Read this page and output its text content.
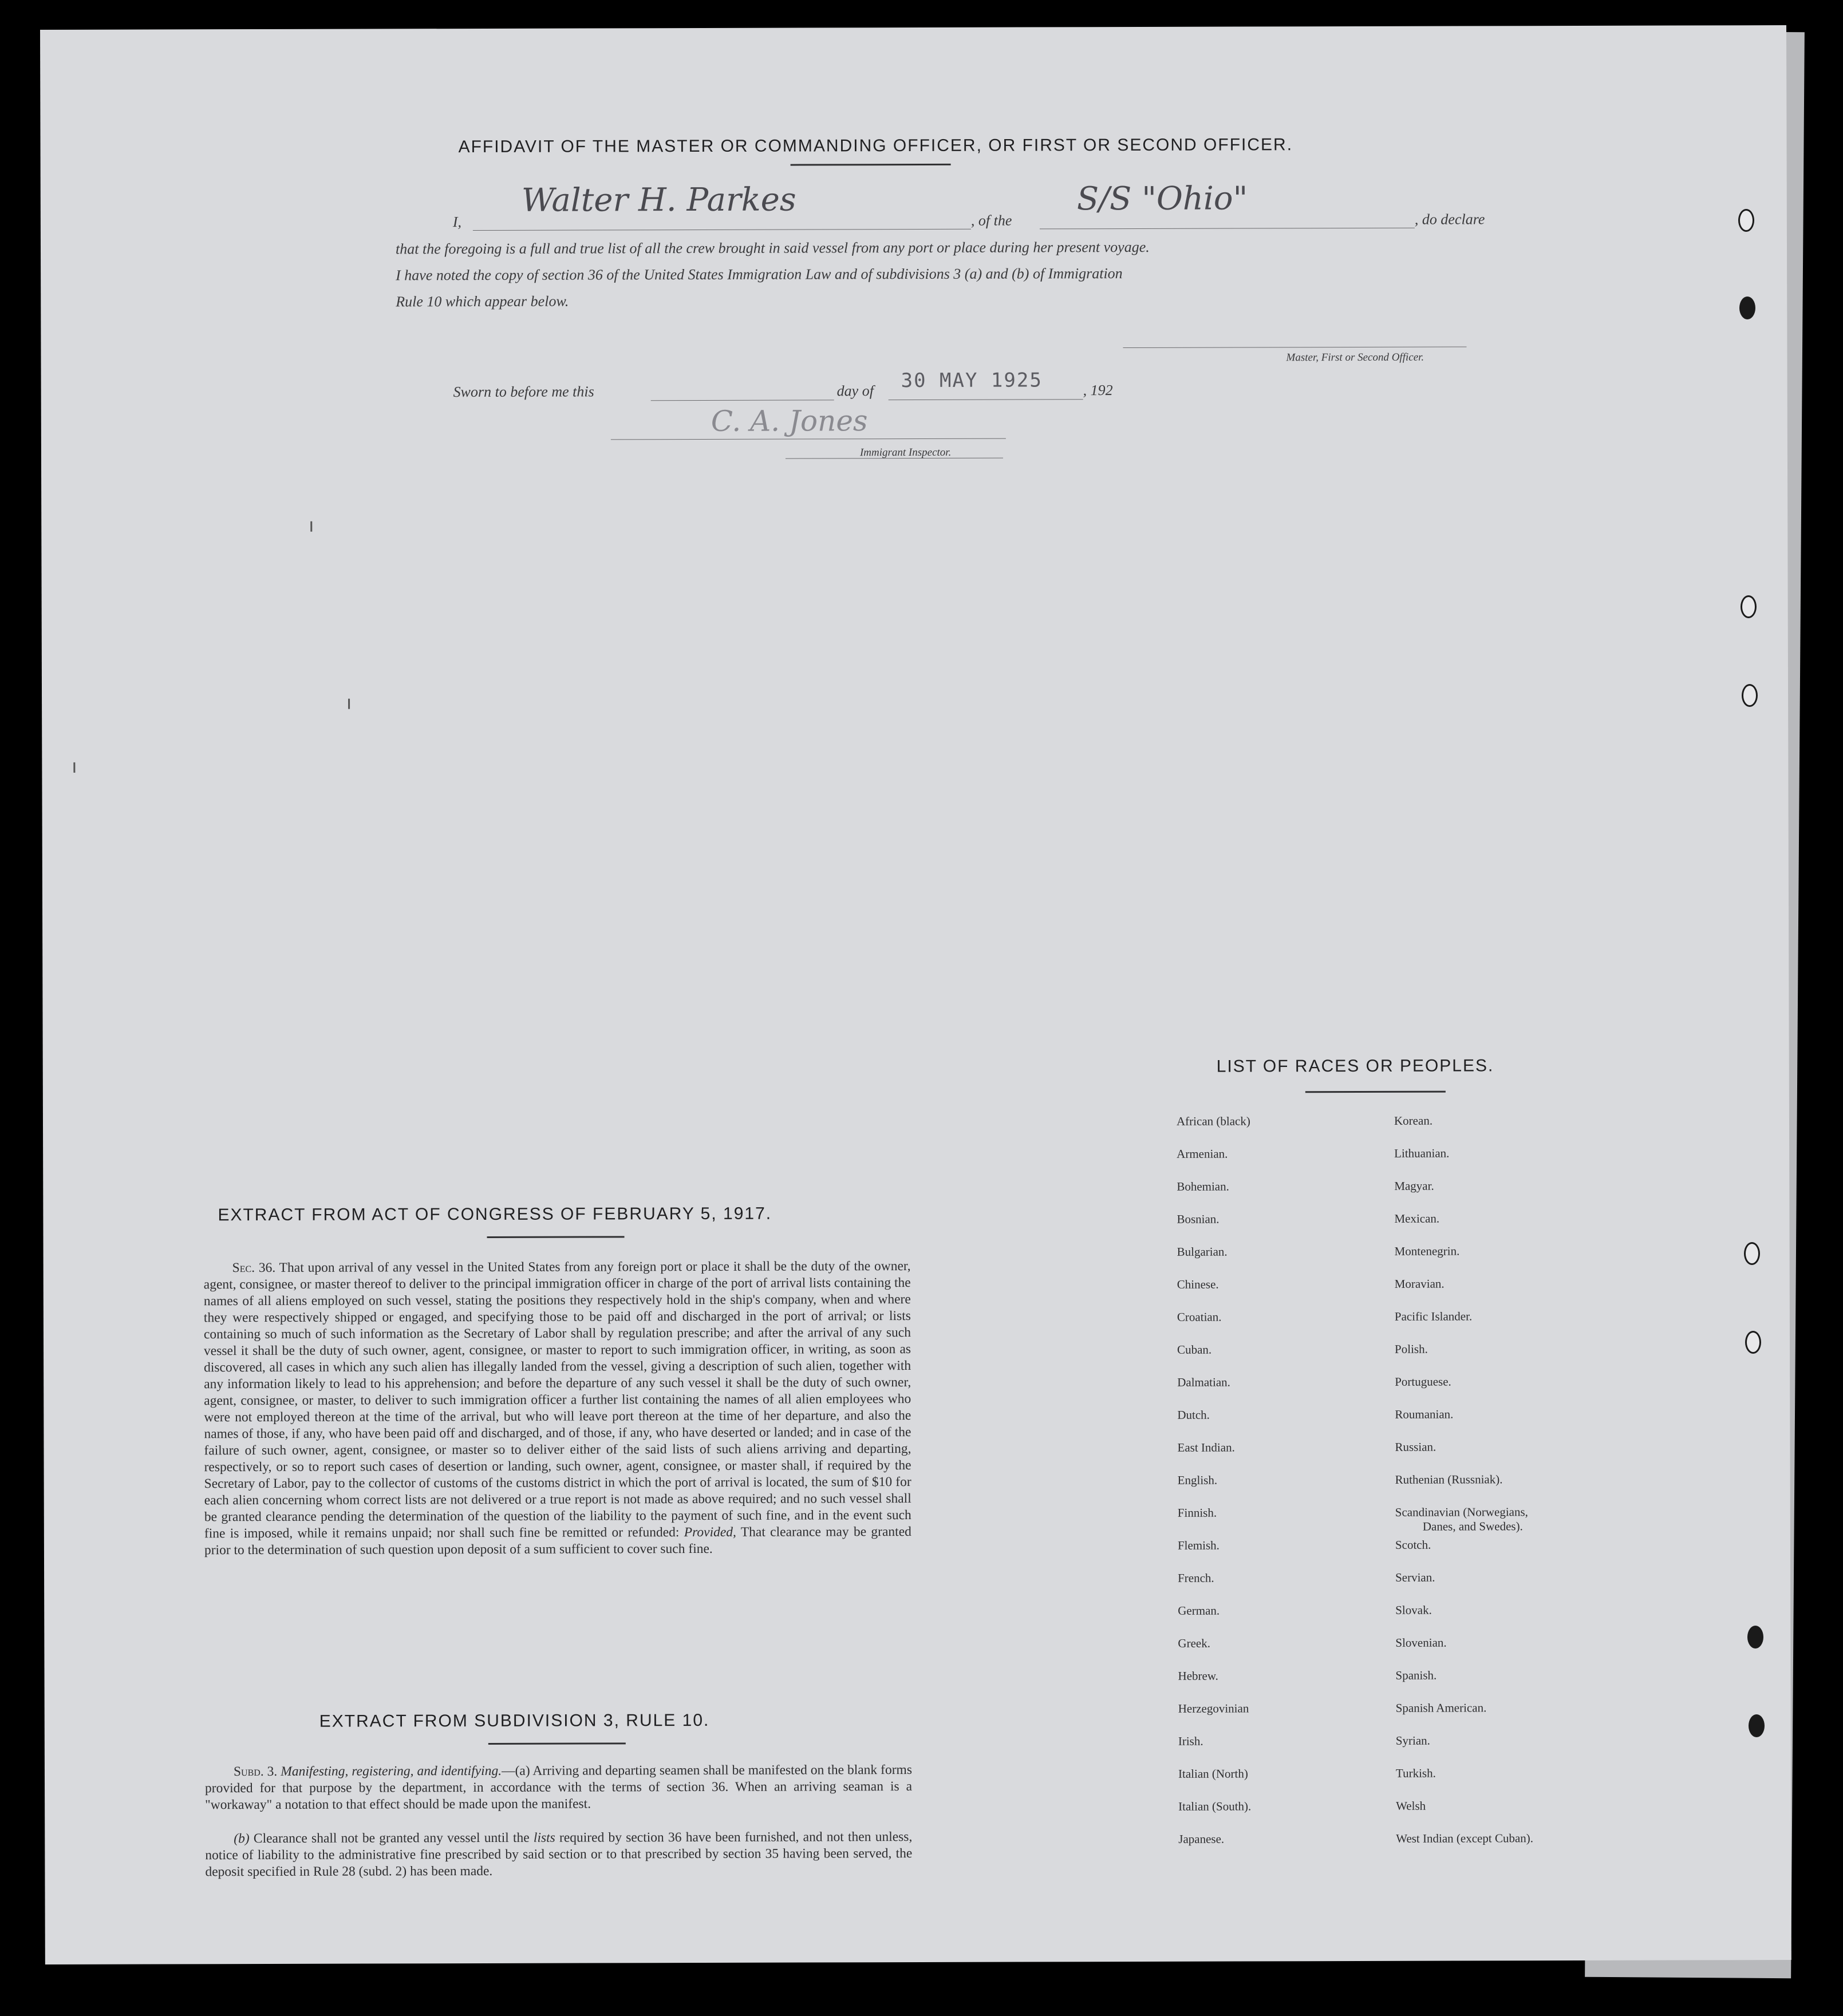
AFFIDAVIT OF THE MASTER OR COMMANDING OFFICER, OR FIRST OR SECOND OFFICER.
I,
Walter H. Parkes
, of the
S/S "Ohio"
, do declare
that the foregoing is a full and true list of all the crew brought in said vessel from any port or place during her present voyage.
I have noted the copy of section 36 of the United States Immigration Law and of subdivisions 3 (a) and (b) of Immigration
Rule 10 which appear below.
Master, First or Second Officer.
Sworn to before me this	day of 30 MAY 1925	, 192
C. A. Jones
Immigrant Inspector.
LIST OF RACES OR PEOPLES.
African (black)
Armenian.
Bohemian.
Bosnian.
Bulgarian.
Chinese.
Croatian.
Cuban.
Dalmatian.
Dutch.
East Indian.
English.
Finnish.
Flemish.
French.
German.
Greek.
Hebrew.
Herzegovinian
Irish.
Italian (North)
Italian (South).
Japanese.
Korean.
Lithuanian.
Magyar.
Mexican.
Montenegrin.
Moravian.
Pacific Islander.
Polish.
Portuguese.
Roumanian.
Russian.
Ruthenian (Russniak).
Scandinavian (Norwegians,
Danes, and Swedes).
Scotch.
Servian.
Slovak.
Slovenian.
Spanish.
Spanish American.
Syrian.
Turkish.
Welsh
West Indian (except Cuban).
EXTRACT FROM ACT OF CONGRESS OF FEBRUARY 5, 1917.
Sec. 36. That upon arrival of any vessel in the United States from any foreign port or place it shall be the duty of the owner, agent, consignee, or master thereof to deliver to the principal immigration officer in charge of the port of arrival lists containing the names of all aliens employed on such vessel, stating the positions they respectively hold in the ship's company, when and where they were respectively shipped or engaged, and specifying those to be paid off and discharged in the port of arrival; or lists containing so much of such information as the Secretary of Labor shall by regulation prescribe; and after the arrival of any such vessel it shall be the duty of such owner, agent, consignee, or master to report to such immigration officer, in writing, as soon as discovered, all cases in which any such alien has illegally landed from the vessel, giving a description of such alien, together with any information likely to lead to his apprehension; and before the departure of any such vessel it shall be the duty of such owner, agent, consignee, or master, to deliver to such immigration officer a further list containing the names of all alien employees who were not employed thereon at the time of the arrival, but who will leave port thereon at the time of her departure, and also the names of those, if any, who have been paid off and discharged, and of those, if any, who have deserted or landed; and in case of the failure of such owner, agent, consignee, or master so to deliver either of the said lists of such aliens arriving and departing, respectively, or so to report such cases of desertion or landing, such owner, agent, consignee, or master shall, if required by the Secretary of Labor, pay to the collector of customs of the customs district in which the port of arrival is located, the sum of $10 for each alien concerning whom correct lists are not delivered or a true report is not made as above required; and no such vessel shall be granted clearance pending the determination of the question of the liability to the payment of such fine, and in the event such fine is imposed, while it remains unpaid; nor shall such fine be remitted or refunded: Provided, That clearance may be granted prior to the determination of such question upon deposit of a sum sufficient to cover such fine.
EXTRACT FROM SUBDIVISION 3, RULE 10.
Subd. 3. Manifesting, registering, and identifying.—(a) Arriving and departing seamen shall be manifested on the blank forms provided for that purpose by the department, in accordance with the terms of section 36. When an arriving seaman is a "workaway" a notation to that effect should be made upon the manifest.
(b) Clearance shall not be granted any vessel until the lists required by section 36 have been furnished, and not then unless, notice of liability to the administrative fine prescribed by said section or to that prescribed by section 35 having been served, the deposit specified in Rule 28 (subd. 2) has been made.
